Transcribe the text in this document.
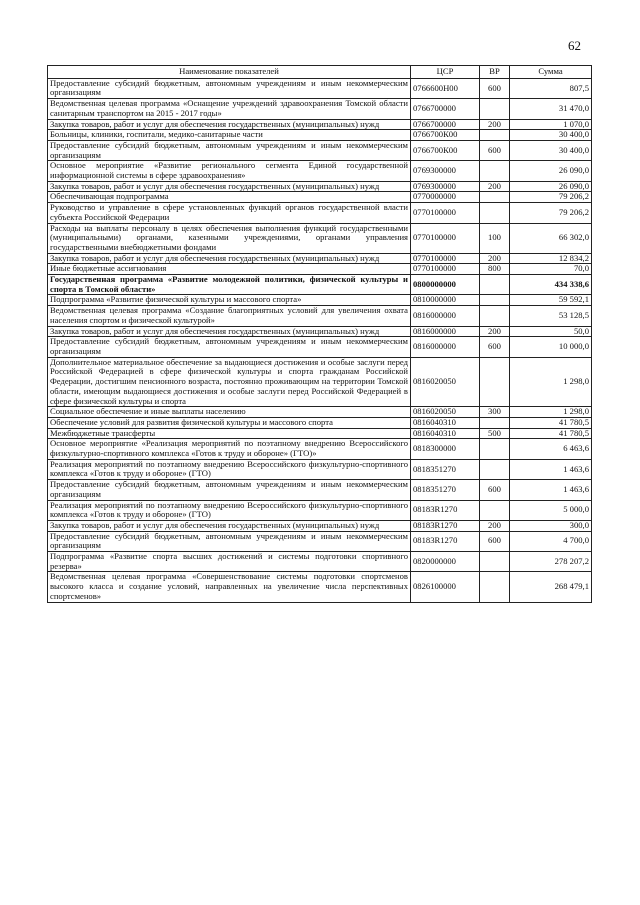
62
Наименование показателей	ЦСР	ВР	Сумма
Предоставление субсидий бюджетным, автономным учреждениям и иным некоммерческим организациям	0766600Н00	600	807,5
Ведомственная целевая программа «Оснащение учреждений здравоохранения Томской области санитарным транспортом на 2015 - 2017 годы»	0766700000		31 470,0
Закупка товаров, работ и услуг для обеспечения государственных (муниципальных) нужд	0766700000	200	1 070,0
Больницы, клиники, госпитали, медико-санитарные части	0766700К00		30 400,0
Предоставление субсидий бюджетным, автономным учреждениям и иным некоммерческим организациям	0766700К00	600	30 400,0
Основное мероприятие «Развитие регионального сегмента Единой государственной информационной системы в сфере здравоохранения»	0769300000		26 090,0
Закупка товаров, работ и услуг для обеспечения государственных (муниципальных) нужд	0769300000	200	26 090,0
Обеспечивающая подпрограмма	0770000000		79 206,2
Руководство и управление в сфере установленных функций органов государственной власти субъекта Российской Федерации	0770100000		79 206,2
Расходы на выплаты персоналу в целях обеспечения выполнения функций государственными (муниципальными) органами, казенными учреждениями, органами управления государственными внебюджетными фондами	0770100000	100	66 302,0
Закупка товаров, работ и услуг для обеспечения государственных (муниципальных) нужд	0770100000	200	12 834,2
Иные бюджетные ассигнования	0770100000	800	70,0
Государственная программа «Развитие молодежной политики, физической культуры и спорта в Томской области»	0800000000		434 338,6
Подпрограмма «Развитие физической культуры и массового спорта»	0810000000		59 592,1
Ведомственная целевая программа «Создание благоприятных условий для увеличения охвата населения спортом и физической культурой»	0816000000		53 128,5
Закупка товаров, работ и услуг для обеспечения государственных (муниципальных) нужд	0816000000	200	50,0
Предоставление субсидий бюджетным, автономным учреждениям и иным некоммерческим организациям	0816000000	600	10 000,0
Дополнительное материальное обеспечение за выдающиеся достижения и особые заслуги перед Российской Федерацией в сфере физической культуры и спорта гражданам Российской Федерации, достигшим пенсионного возраста, постоянно проживающим на территории Томской области, имеющим выдающиеся достижения и особые заслуги перед Российской Федерацией в сфере физической культуры и спорта	0816020050		1 298,0
Социальное обеспечение и иные выплаты населению	0816020050	300	1 298,0
Обеспечение условий для развития физической культуры и массового спорта	0816040310		41 780,5
Межбюджетные трансферты	0816040310	500	41 780,5
Основное мероприятие «Реализация мероприятий по поэтапному внедрению Всероссийского физкультурно-спортивного комплекса «Готов к труду и обороне» (ГТО)»	0818300000		6 463,6
Реализация мероприятий по поэтапному внедрению Всероссийского физкультурно-спортивного комплекса «Готов к труду и обороне» (ГТО)	0818351270		1 463,6
Предоставление субсидий бюджетным, автономным учреждениям и иным некоммерческим организациям	0818351270	600	1 463,6
Реализация мероприятий по поэтапному внедрению Всероссийского физкультурно-спортивного комплекса «Готов к труду и обороне» (ГТО)	08183R1270		5 000,0
Закупка товаров, работ и услуг для обеспечения государственных (муниципальных) нужд	08183R1270	200	300,0
Предоставление субсидий бюджетным, автономным учреждениям и иным некоммерческим организациям	08183R1270	600	4 700,0
Подпрограмма «Развитие спорта высших достижений и системы подготовки спортивного резерва»	0820000000		278 207,2
Ведомственная целевая программа «Совершенствование системы подготовки спортсменов высокого класса и создание условий, направленных на увеличение числа перспективных спортсменов»	0826100000		268 479,1
